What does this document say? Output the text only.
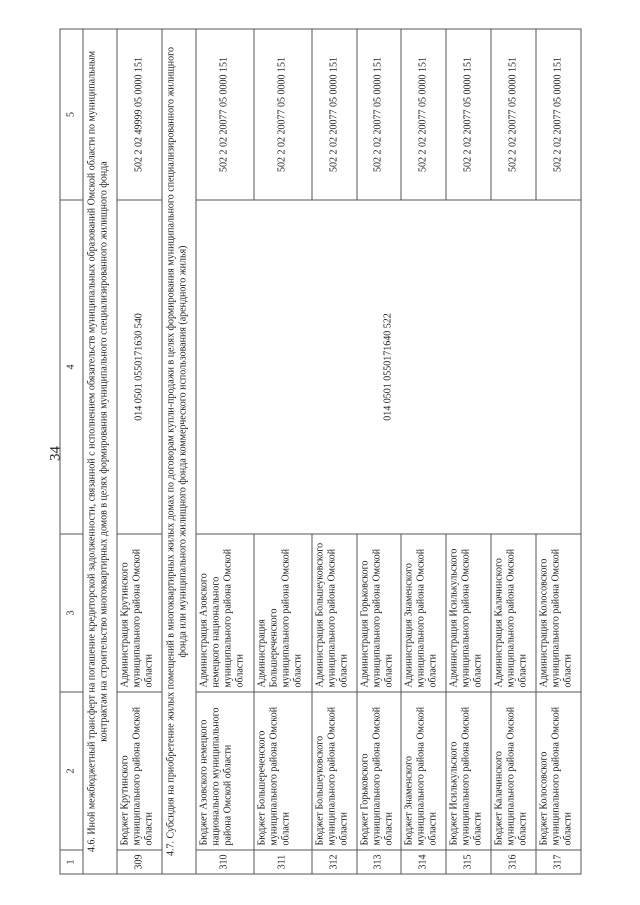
34
1	2	3	4	5
4.6. Иной межбюджетный трансферт на погашение кредиторской задолженности, связанной с исполнением обязательств муниципальных образований Омской области по муниципальным контрактам на строительство многоквартирных домов в целях формирования муниципального специализированного жилищного фонда				
309	Бюджет Крутинского муниципального района Омской области	Администрация Крутинского муниципального района Омской области	014 0501 0550171630 540	502 2 02 49999 05 0000 151
4.7. Субсидия на приобретение жилых помещений в многоквартирных жилых домах по договорам купли-продажи в целях формирования муниципального специализированного жилищного фонда или муниципального жилищного фонда коммерческого использования (арендного жилья)				
310	Бюджет Азовского немецкого национального муниципального района Омской области	Администрация Азовского немецкого национального муниципального района Омской области	014 0501 0550171640 522	502 2 02 20077 05 0000 151
311	Бюджет Большереченского муниципального района Омской области	Администрация Большереченского муниципального района Омской области		502 2 02 20077 05 0000 151
312	Бюджет Большеуковского муниципального района Омской области	Администрация Большеуковского муниципального района Омской области		502 2 02 20077 05 0000 151
313	Бюджет Горьковского муниципального района Омской области	Администрация Горьковского муниципального района Омской области		502 2 02 20077 05 0000 151
314	Бюджет Знаменского муниципального района Омской области	Администрация Знаменского муниципального района Омской области		502 2 02 20077 05 0000 151
315	Бюджет Исилькульского муниципального района Омской области	Администрация Исилькульского муниципального района Омской области		502 2 02 20077 05 0000 151
316	Бюджет Калачинского муниципального района Омской области	Администрация Калачинского муниципального района Омской области		502 2 02 20077 05 0000 151
317	Бюджет Колосовского муниципального района Омской области	Администрация Колосовского муниципального района Омской области		502 2 02 20077 05 0000 151
